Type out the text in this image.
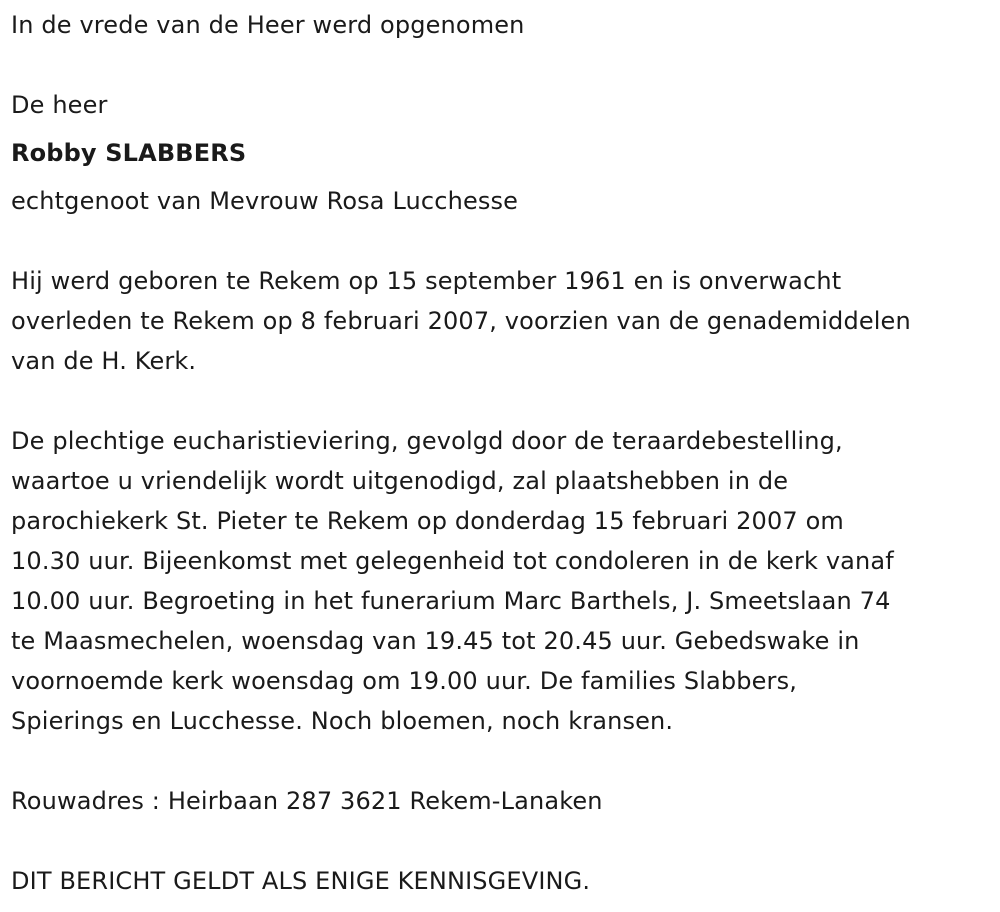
In de vrede van de Heer werd opgenomen
De heer
Robby SLABBERS
echtgenoot van Mevrouw Rosa Lucchesse
Hij werd geboren te Rekem op 15 september 1961 en is onverwacht
overleden te Rekem op 8 februari 2007, voorzien van de genademiddelen
van de H. Kerk.
De plechtige eucharistieviering, gevolgd door de teraardebestelling,
waartoe u vriendelijk wordt uitgenodigd, zal plaatshebben in de
parochiekerk St. Pieter te Rekem op donderdag 15 februari 2007 om
10.30 uur. Bijeenkomst met gelegenheid tot condoleren in de kerk vanaf
10.00 uur. Begroeting in het funerarium Marc Barthels, J. Smeetslaan 74
te Maasmechelen, woensdag van 19.45 tot 20.45 uur. Gebedswake in
voornoemde kerk woensdag om 19.00 uur. De families Slabbers,
Spierings en Lucchesse. Noch bloemen, noch kransen.
Rouwadres : Heirbaan 287 3621 Rekem-Lanaken
DIT BERICHT GELDT ALS ENIGE KENNISGEVING.
